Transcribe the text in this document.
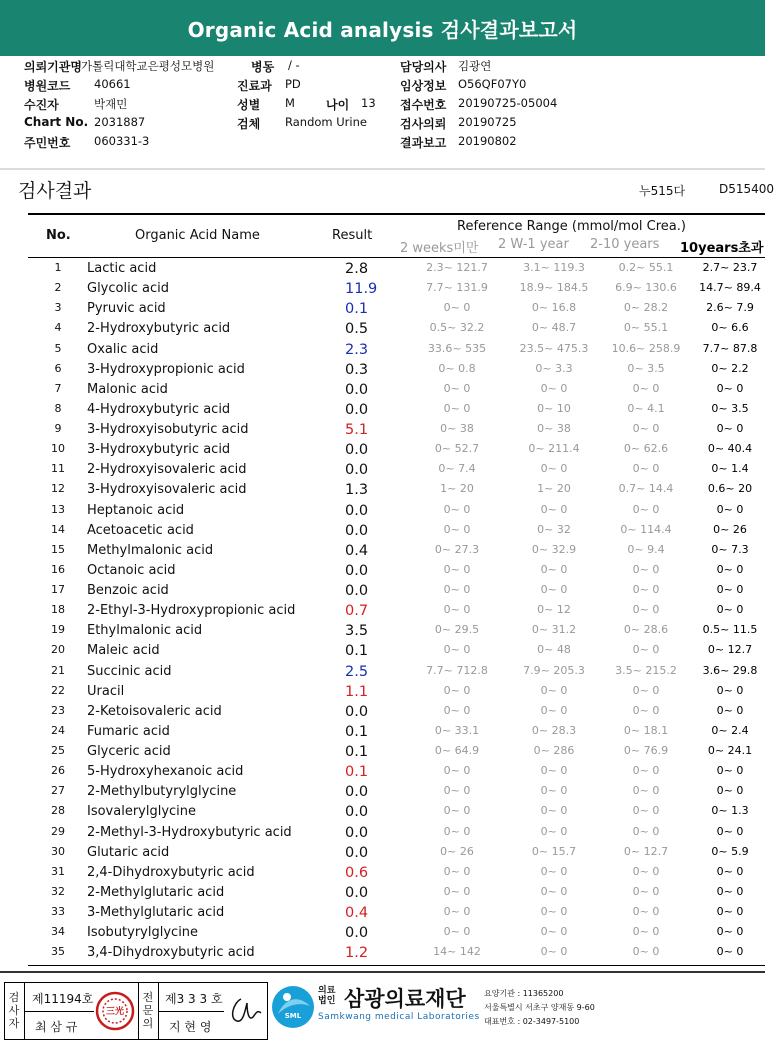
Organic Acid analysis 검사결과보고서
의뢰기관명 가톨릭대학교은평성모병원	병동 / -	담당의사 김광연
병원코드 40661	진료과 PD	임상정보 O56QF07Y0
수진자	박재민	성별 M	나이 13 접수번호 20190725-05004
Chart No. 2031887	검체 Random Urine	검사의뢰 20190725
주민번호 060331-3	결과보고 20190802
검사결과	누515다	D515400
No.	Organic Acid Name	Result
Reference Range (mmol/mol Crea.)
2 weeks미만 2 W-1 year 2-10 years 10years초과
1	Lactic acid	2.8	2.3~ 121.7	3.1~ 119.3	0.2~ 55.1	2.7~ 23.7
2	Glycolic acid	11.9	7.7~ 131.9	18.9~ 184.5	6.9~ 130.6	14.7~ 89.4
3	Pyruvic acid	0.1	0~ 0	0~ 16.8	0~ 28.2	2.6~ 7.9
4	2-Hydroxybutyric acid	0.5	0.5~ 32.2	0~ 48.7	0~ 55.1	0~ 6.6
5	Oxalic acid	2.3	33.6~ 535	23.5~ 475.3	10.6~ 258.9	7.7~ 87.8
6	3-Hydroxypropionic acid	0.3	0~ 0.8	0~ 3.3	0~ 3.5	0~ 2.2
7	Malonic acid	0.0	0~ 0	0~ 0	0~ 0	0~ 0
8	4-Hydroxybutyric acid	0.0	0~ 0	0~ 10	0~ 4.1	0~ 3.5
9	3-Hydroxyisobutyric acid	5.1	0~ 38	0~ 38	0~ 0	0~ 0
10	3-Hydroxybutyric acid	0.0	0~ 52.7	0~ 211.4	0~ 62.6	0~ 40.4
11	2-Hydroxyisovaleric acid	0.0	0~ 7.4	0~ 0	0~ 0	0~ 1.4
12	3-Hydroxyisovaleric acid	1.3	1~ 20	1~ 20	0.7~ 14.4	0.6~ 20
13	Heptanoic acid	0.0	0~ 0	0~ 0	0~ 0	0~ 0
14	Acetoacetic acid	0.0	0~ 0	0~ 32	0~ 114.4	0~ 26
15	Methylmalonic acid	0.4	0~ 27.3	0~ 32.9	0~ 9.4	0~ 7.3
16	Octanoic acid	0.0	0~ 0	0~ 0	0~ 0	0~ 0
17	Benzoic acid	0.0	0~ 0	0~ 0	0~ 0	0~ 0
18	2-Ethyl-3-Hydroxypropionic acid	0.7	0~ 0	0~ 12	0~ 0	0~ 0
19	Ethylmalonic acid	3.5	0~ 29.5	0~ 31.2	0~ 28.6	0.5~ 11.5
20	Maleic acid	0.1	0~ 0	0~ 48	0~ 0	0~ 12.7
21	Succinic acid	2.5	7.7~ 712.8	7.9~ 205.3	3.5~ 215.2	3.6~ 29.8
22	Uracil	1.1	0~ 0	0~ 0	0~ 0	0~ 0
23	2-Ketoisovaleric acid	0.0	0~ 0	0~ 0	0~ 0	0~ 0
24	Fumaric acid	0.1	0~ 33.1	0~ 28.3	0~ 18.1	0~ 2.4
25	Glyceric acid	0.1	0~ 64.9	0~ 286	0~ 76.9	0~ 24.1
26	5-Hydroxyhexanoic acid	0.1	0~ 0	0~ 0	0~ 0	0~ 0
27	2-Methylbutyrylglycine	0.0	0~ 0	0~ 0	0~ 0	0~ 0
28	Isovalerylglycine	0.0	0~ 0	0~ 0	0~ 0	0~ 1.3
29	2-Methyl-3-Hydroxybutyric acid	0.0	0~ 0	0~ 0	0~ 0	0~ 0
30	Glutaric acid	0.0	0~ 26	0~ 15.7	0~ 12.7	0~ 5.9
31	2,4-Dihydroxybutyric acid	0.6	0~ 0	0~ 0	0~ 0	0~ 0
32	2-Methylglutaric acid	0.0	0~ 0	0~ 0	0~ 0	0~ 0
33	3-Methylglutaric acid	0.4	0~ 0	0~ 0	0~ 0	0~ 0
34	Isobutyrylglycine	0.0	0~ 0	0~ 0	0~ 0	0~ 0
35	3,4-Dihydroxybutyric acid	1.2	14~ 142	0~ 0	0~ 0	0~ 0
검사자
제11194호
최 삼 규
三光
전문의
제3 3 3 호
지 현 영
SML
의료법인 삼광의료재단
Samkwang medical Laboratories
요양기관 : 11365200
서울특별시 서초구 양재동 9-60
대표번호 : 02-3497-5100
